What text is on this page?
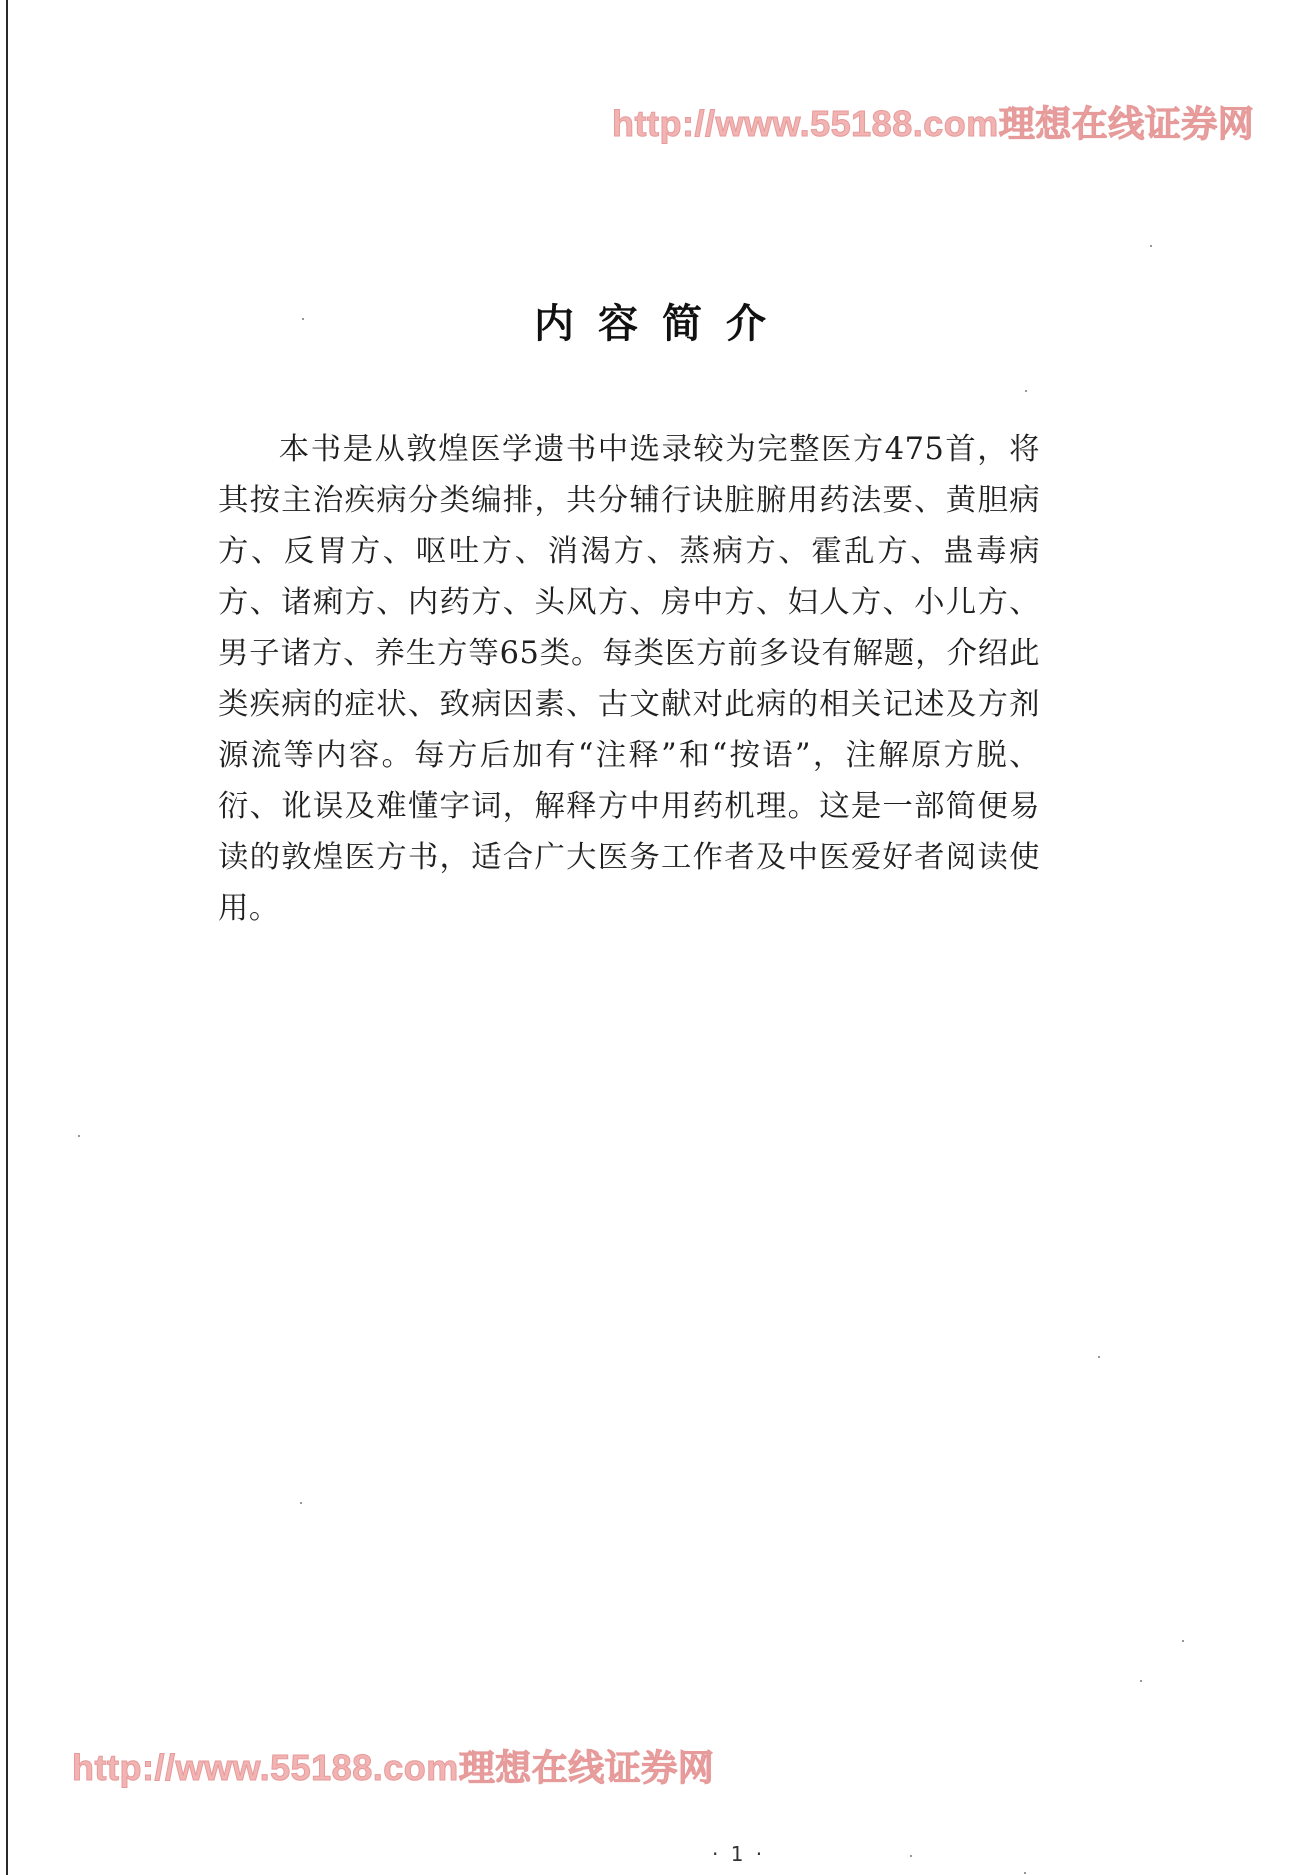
http://www.55188.com理想在线证券网
内容简介

本书是从敦煌医学遗书中选录较为完整医方475首，将其按主治疾病分类编排，共分辅行诀脏腑用药法要、黄胆病方、反胃方、呕吐方、消渴方、蒸病方、霍乱方、蛊毒病方、诸痢方、内药方、头风方、房中方、妇人方、小儿方、男子诸方、养生方等65类。每类医方前多设有解题，介绍此类疾病的症状、致病因素、古文献对此病的相关记述及方剂源流等内容。每方后加有“注释”和“按语”，注解原方脱、衍、讹误及难懂字词，解释方中用药机理。这是一部简便易读的敦煌医方书，适合广大医务工作者及中医爱好者阅读使用。

http://www.55188.com理想在线证券网
· 1 ·
